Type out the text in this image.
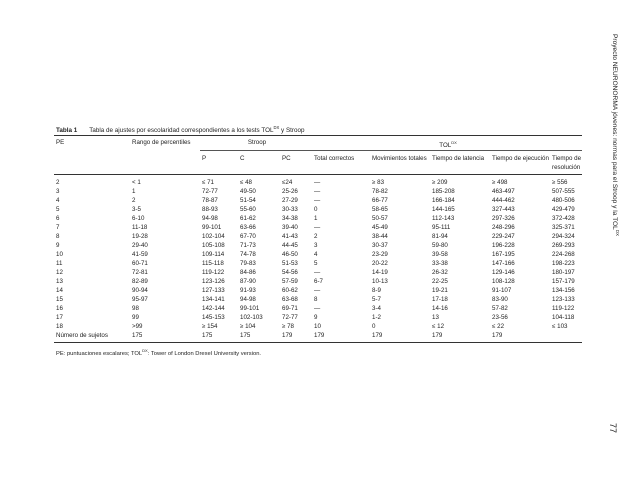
Proyecto NEURONORMA jóvenes: normas para el Stroop y la $TOL^{DX}$
77
Tabla 1 Tabla de ajustes por escolaridad correspondientes a los tests $TOL^{DX}$ y Stroop
PE	Rango de percentiles	Stroop			$TOL^{DX}$
		P	C	PC	Total correctos	Movimientos totales	Tiempo de latencia	Tiempo de ejecución	Tiempo de resolución
2	< 1	≤ 71	≤ 48	≤24	—	≥ 83	≥ 209	≥ 498	≥ 556
3	1	72-77	49-50	25-26	—	78-82	185-208	463-497	507-555
4	2	78-87	51-54	27-29	—	66-77	166-184	444-462	480-506
5	3-5	88-93	55-60	30-33	0	58-65	144-165	327-443	429-479
6	6-10	94-98	61-62	34-38	1	50-57	112-143	297-326	372-428
7	11-18	99-101	63-66	39-40	—	45-49	95-111	248-296	325-371
8	19-28	102-104	67-70	41-43	2	38-44	81-94	229-247	294-324
9	29-40	105-108	71-73	44-45	3	30-37	59-80	196-228	269-293
10	41-59	109-114	74-78	46-50	4	23-29	39-58	167-195	224-268
11	60-71	115-118	79-83	51-53	5	20-22	33-38	147-166	198-223
12	72-81	119-122	84-86	54-56	—	14-19	26-32	129-146	180-197
13	82-89	123-126	87-90	57-59	6-7	10-13	22-25	108-128	157-179
14	90-94	127-133	91-93	60-62	—	8-9	19-21	91-107	134-156
15	95-97	134-141	94-98	63-68	8	5-7	17-18	83-90	123-133
16	98	142-144	99-101	69-71	—	3-4	14-16	57-82	119-122
17	99	145-153	102-103	72-77	9	1-2	13	23-56	104-118
18	>99	≥ 154	≥ 104	≥ 78	10	0	≤ 12	≤ 22	≤ 103
Número de sujetos	175	175	175	179	179	179	179	179	
PE: puntuaciones escalares; $TOL^{DX}$: Tower of London Drexel University version.
